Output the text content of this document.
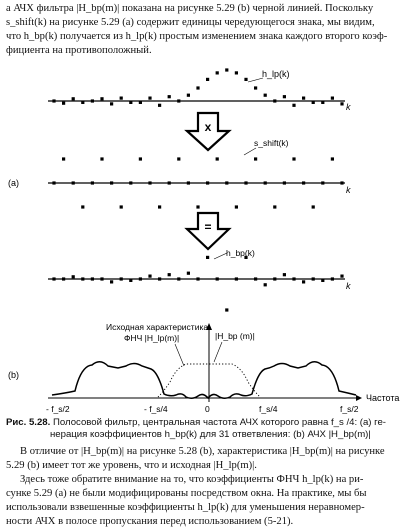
а АЧХ фильтра |H_bp(m)| показана на рисунке 5.29 (b) черной линией. Поскольку

s_shift(k) на рисунке 5.29 (а) содержит единицы чередующегося знака, мы видим,

что h_bp(k) получается из h_lp(k) простым изменением знака каждого второго коэф-

фициента на противоположный.

h_lp(k)
s_shift(k)
h_bp(k)
k
k
k
x
=
(a)
(b)
Исходная характеристика
ФНЧ |H_lp(m)|	|H_bp (m)|
Частота
- f_s/2	- f_s/4	0	f_s/4	f_s/2

Рис. 5.28. Полосовой фильтр, центральная частота АЧХ которого равна f_s /4: (а) ге-
нерация коэффициентов h_bp(k) для 31 ответвления: (b) АЧХ |H_bp(m)|

В отличие от |H_bp(m)| на рисунке 5.28 (b), характеристика |H_bp(m)| на рисунке

5.29 (b) имеет тот же уровень, что и исходная |H_lp(m)|.

Здесь тоже обратите внимание на то, что коэффициенты ФНЧ h_lp(k) на ри-

сунке 5.29 (а) не были модифицированы посредством окна. На практике, мы бы

использовали взвешенные коэффициенты h_lp(k) для уменьшения неравномер-

ности АЧХ в полосе пропускания перед использованием (5-21).
